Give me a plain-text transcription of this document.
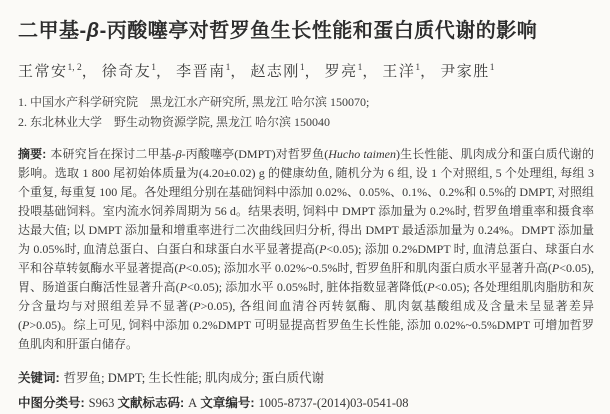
二甲基-β-丙酸噻亭对哲罗鱼生长性能和蛋白质代谢的影响
王常安$^{1, 2}$， 徐奇友$^1$， 李晋南$^1$， 赵志刚$^1$， 罗亮$^1$， 王洋$^1$， 尹家胜$^1$
1. 中国水产科学研究院　黑龙江水产研究所, 黑龙江 哈尔滨 150070;
2. 东北林业大学　野生动物资源学院, 黑龙江 哈尔滨 150040
摘要: 本研究旨在探讨二甲基-β-丙酸噻亭(DMPT)对哲罗鱼(Hucho taimen)生长性能、肌肉成分和蛋白质代谢的影响。选取 1 800 尾初始体质量为(4.20±0.02) g 的健康幼鱼, 随机分为 6 组, 设 1 个对照组, 5 个处理组, 每组 3 个重复, 每重复 100 尾。各处理组分别在基础饲料中添加 0.02%、0.05%、0.1%、0.2%和 0.5%的 DMPT, 对照组投喂基础饲料。室内流水饲养周期为 56 d。结果表明, 饲料中 DMPT 添加量为 0.2%时, 哲罗鱼增重率和摄食率达最大值; 以 DMPT 添加量和增重率进行二次曲线回归分析, 得出 DMPT 最适添加量为 0.24%。DMPT 添加量为 0.05%时, 血清总蛋白、白蛋白和球蛋白水平显著提高(P<0.05); 添加 0.2%DMPT 时, 血清总蛋白、球蛋白水平和谷草转氨酶水平显著提高(P<0.05); 添加水平 0.02%~0.5%时, 哲罗鱼肝和肌肉蛋白质水平显著升高(P<0.05), 胃、肠道蛋白酶活性显著升高(P<0.05); 添加水平 0.05%时, 脏体指数显著降低(P<0.05); 各处理组肌肉脂肪和灰分含量均与对照组差异不显著(P>0.05), 各组间血清谷丙转氨酶、肌肉氨基酸组成及含量未呈显著差异(P>0.05)。综上可见, 饲料中添加 0.2%DMPT 可明显提高哲罗鱼生长性能, 添加 0.02%~0.5%DMPT 可增加哲罗鱼肌肉和肝蛋白储存。
关键词: 哲罗鱼; DMPT; 生长性能; 肌肉成分; 蛋白质代谢
中图分类号: S963 文献标志码: A 文章编号: 1005-8737-(2014)03-0541-08
